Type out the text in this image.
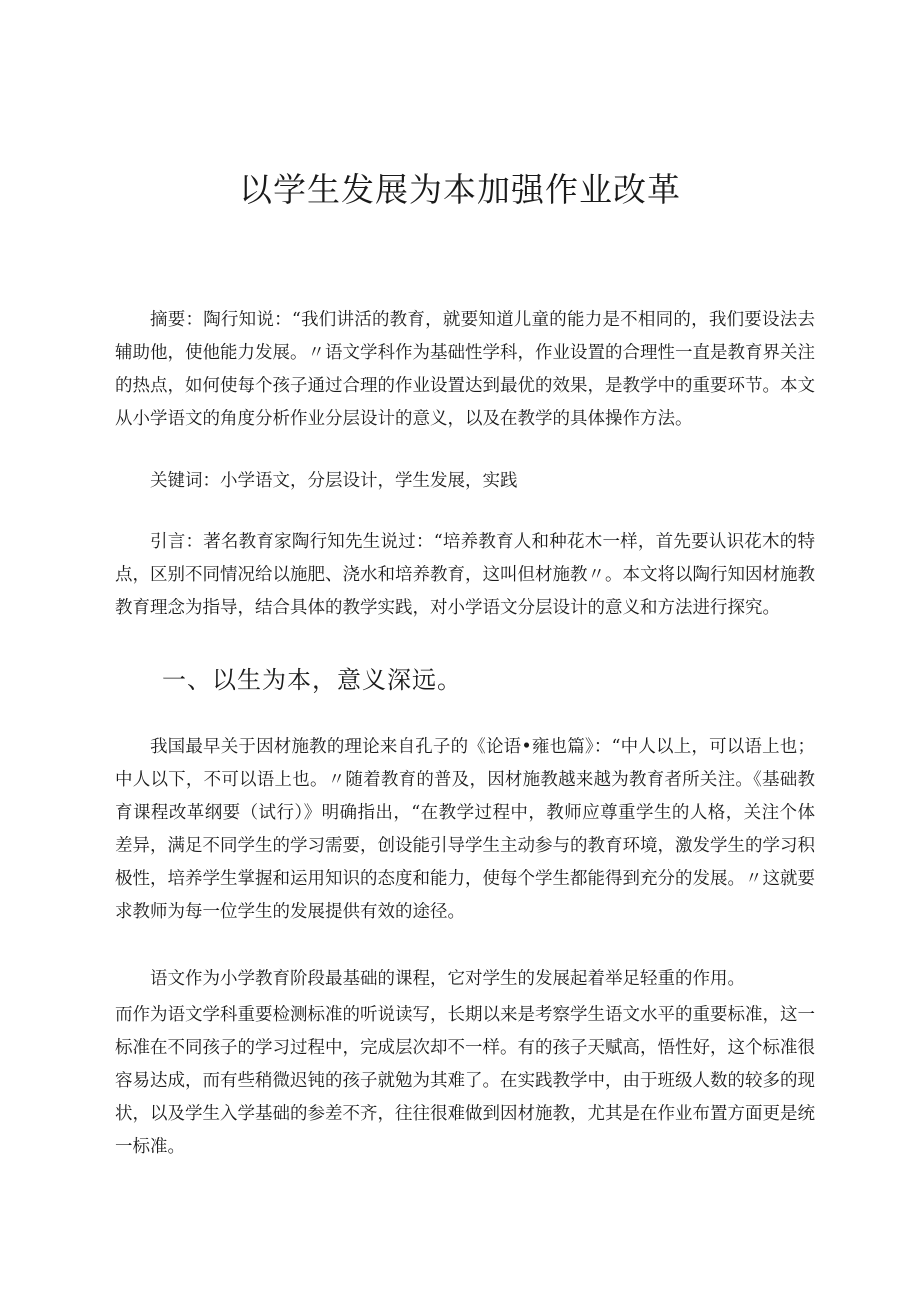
以学生发展为本加强作业改革

摘要：陶行知说：“我们讲活的教育，就要知道儿童的能力是不相同的，我们要设法去辅助他，使他能力发展。〃语文学科作为基础性学科，作业设置的合理性一直是教育界关注的热点，如何使每个孩子通过合理的作业设置达到最优的效果，是教学中的重要环节。本文从小学语文的角度分析作业分层设计的意义，以及在教学的具体操作方法。

关键词：小学语文，分层设计，学生发展，实践

引言：著名教育家陶行知先生说过：“培养教育人和种花木一样，首先要认识花木的特点，区别不同情况给以施肥、浇水和培养教育，这叫但材施教〃。本文将以陶行知因材施教教育理念为指导，结合具体的教学实践，对小学语文分层设计的意义和方法进行探究。

一、以生为本，意义深远。

我国最早关于因材施教的理论来自孔子的《论语•雍也篇》：“中人以上，可以语上也；中人以下，不可以语上也。〃随着教育的普及，因材施教越来越为教育者所关注。《基础教育课程改革纲要（试行）》明确指出，“在教学过程中，教师应尊重学生的人格，关注个体差异，满足不同学生的学习需要，创设能引导学生主动参与的教育环境，激发学生的学习积极性，培养学生掌握和运用知识的态度和能力，使每个学生都能得到充分的发展。〃这就要求教师为每一位学生的发展提供有效的途径。

语文作为小学教育阶段最基础的课程，它对学生的发展起着举足轻重的作用。

而作为语文学科重要检测标准的听说读写，长期以来是考察学生语文水平的重要标准，这一标准在不同孩子的学习过程中，完成层次却不一样。有的孩子天赋高，悟性好，这个标准很容易达成，而有些稍微迟钝的孩子就勉为其难了。在实践教学中，由于班级人数的较多的现状，以及学生入学基础的参差不齐，往往很难做到因材施教，尤其是在作业布置方面更是统一标准。
